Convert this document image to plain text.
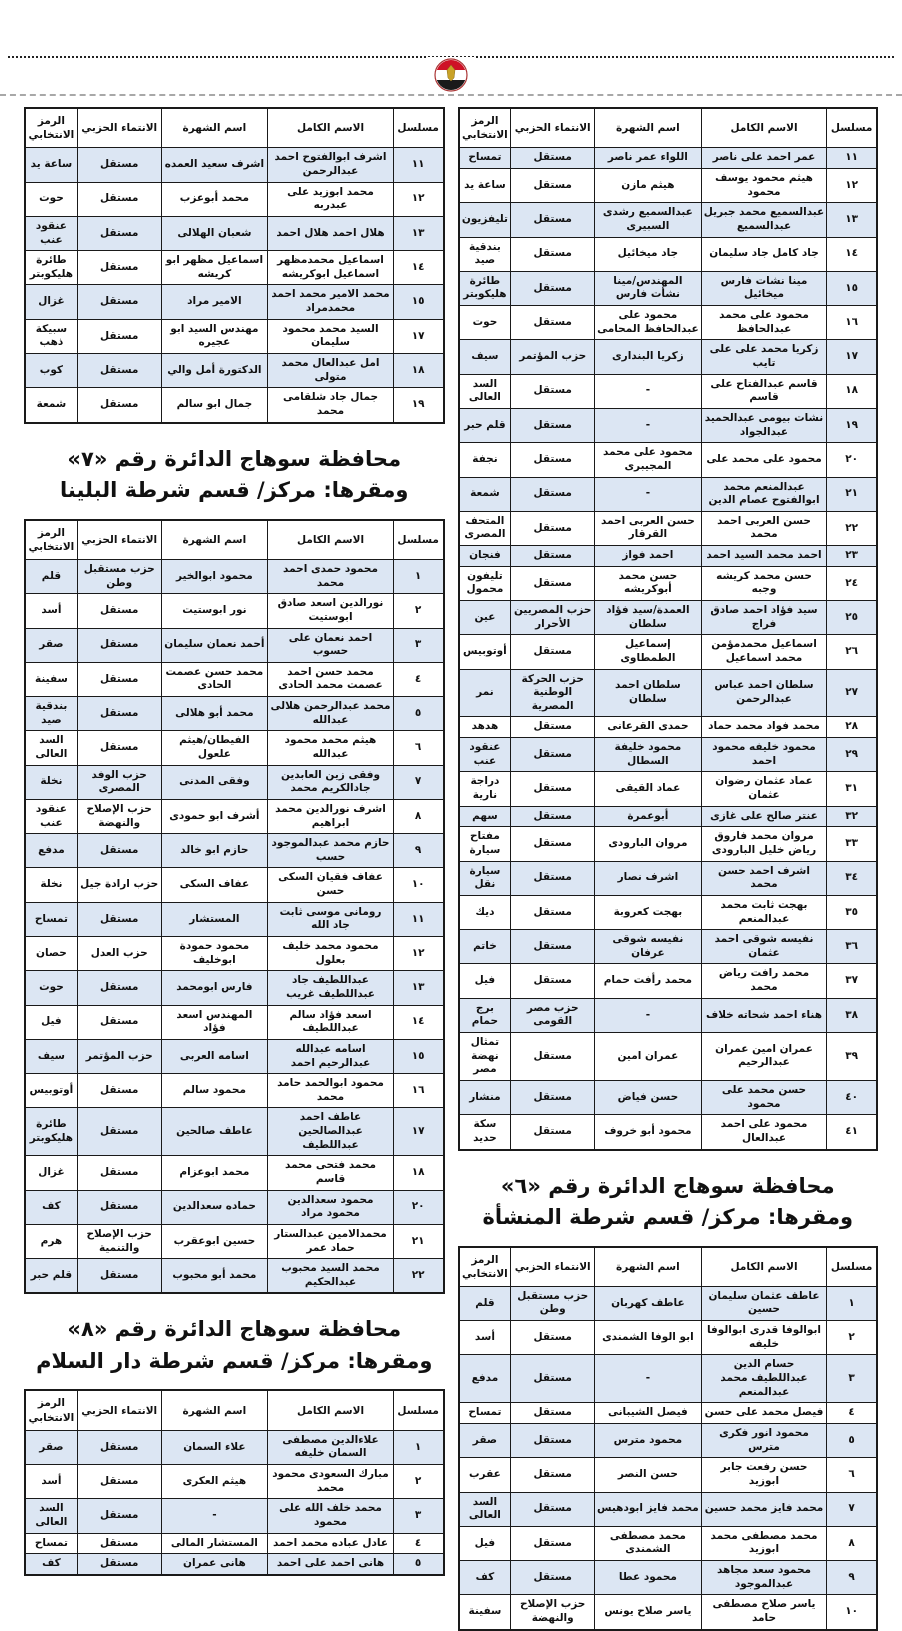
مسلسل	الاسم الكامل	اسم الشهرة	الانتماء الحزبي	الرمز الانتخابي
١١	عمر احمد على ناصر	اللواء عمر ناصر	مستقل	تمساح
١٢	هيثم محمود يوسف محمود	هيثم مازن	مستقل	ساعة يد
١٣	عبدالسميع محمد جبريل عبدالسميع	عبدالسميع رشدى السبيرى	مستقل	تليفزيون
١٤	جاد كامل جاد سليمان	جاد ميخائيل	مستقل	بندقية صيد
١٥	مينا نشات فارس ميخائيل	المهندس/مينا نشأت فارس	مستقل	طائرة هليكوبتر
١٦	محمود على محمد عبدالحافظ	محمود على عبدالحافظ المحامى	مستقل	حوت
١٧	زكريا محمد على على تايب	زكريا البندارى	حزب المؤتمر	سيف
١٨	قاسم عبدالفتاح على قاسم	-	مستقل	السد العالى
١٩	نشات بيومى عبدالحميد عبدالجواد	-	مستقل	قلم حبر
٢٠	محمود على محمد على	محمود على محمد المجيبرى	مستقل	نجفة
٢١	عبدالمنعم محمد ابوالفتوح عصام الدين	-	مستقل	شمعة
٢٢	حسن العربى احمد محمد	حسن العربى احمد القرقار	مستقل	المتحف المصرى
٢٣	احمد محمد السيد احمد	احمد فواز	مستقل	فنجان
٢٤	حسن محمد كريشه وجبه	حسن محمد أبوكريشه	مستقل	تليفون محمول
٢٥	سيد فؤاد احمد صادق فراج	العمدة/سيد فؤاد سلطان	حزب المصريين الأحرار	عين
٢٦	اسماعيل محمدمؤمن محمد اسماعيل	إسماعيل الطمطاوى	مستقل	أوتوبيس
٢٧	سلطان احمد عباس عبدالرحمن	سلطان احمد سلطان	حزب الحركة الوطنية المصرية	نمر
٢٨	محمد فواد محمد حماد	حمدى القرعانى	مستقل	هدهد
٢٩	محمود خليفه محمود احمد	محمود خليفة السطال	مستقل	عنقود عنب
٣١	عماد عثمان رضوان عثمان	عماد القيقى	مستقل	دراجة نارية
٣٢	عنتر صالح على غازى	أبوعمرة	مستقل	سهم
٣٣	مروان محمد فاروق رياض خليل البارودى	مروان البارودى	مستقل	مفتاح سيارة
٣٤	اشرف احمد حسن محمد	اشرف نصار	مستقل	سيارة نقل
٣٥	بهجت ثابت محمد عبدالمنعم	بهجت كعروبة	مستقل	ديك
٣٦	نفيسه شوقى احمد عثمان	نفيسه شوقى عرفان	مستقل	خاتم
٣٧	محمد رافت رياض محمد	محمد رأفت حمام	مستقل	فيل
٣٨	هناء احمد شحاته خلاف	-	حزب مصر القومى	برج حمام
٣٩	عمران امين عمران عبدالرحيم	عمران امين	مستقل	تمثال نهضة مصر
٤٠	حسن محمد على محمود	حسن فياض	مستقل	منشار
٤١	محمود على احمد عبدالعال	محمود أبو خروف	مستقل	سكة حديد
محافظة سوهاج الدائرة رقم «٦»
ومقرها: مركز/ قسم شرطة المنشأة
مسلسل	الاسم الكامل	اسم الشهرة	الانتماء الحزبي	الرمز الانتخابي
١	عاطف عثمان سليمان حسين	عاطف كهربان	حزب مستقبل وطن	قلم
٢	ابوالوفا قدرى ابوالوفا خليفه	ابو الوفا الشمندى	مستقل	أسد
٣	حسام الدين عبداللطيف محمد عبدالمنعم	-	مستقل	مدفع
٤	فيصل محمد على حسن	فيصل الشيبانى	مستقل	تمساح
٥	محمود انور فكرى مترس	محمود مترس	مستقل	صقر
٦	حسن رفعت جابر ابوزيد	حسن النصر	مستقل	عقرب
٧	محمد فايز محمد حسين	محمد فايز ابودهيس	مستقل	السد العالى
٨	محمد مصطفى محمد ابوزيد	محمد مصطفى الشمندى	مستقل	فيل
٩	محمود سعد مجاهد عبدالموجود	محمود عطا	مستقل	كف
١٠	ياسر صلاح مصطفى حامد	ياسر صلاح يونس	حزب الإصلاح والنهضة	سفينة
مسلسل	الاسم الكامل	اسم الشهرة	الانتماء الحزبي	الرمز الانتخابي
١١	اشرف ابوالفتوح احمد عبدالرحمن	اشرف سعيد العمده	مستقل	ساعة يد
١٢	محمد ابوزيد على عبدربه	محمد أبوعزب	مستقل	حوت
١٣	هلال احمد هلال احمد	شعبان الهلالى	مستقل	عنقود عنب
١٤	اسماعيل محمدمظهر اسماعيل ابوكريشه	اسماعيل مظهر ابو كريشه	مستقل	طائرة هليكوبتر
١٥	محمد الامير محمد احمد محمدمراد	الامير مراد	مستقل	غزال
١٧	السيد محمد محمود سليمان	مهندس السيد ابو عجيره	مستقل	سبيكة ذهب
١٨	امل عبدالعال محمد متولى	الدكتورة أمل والي	مستقل	كوب
١٩	جمال جاد شلقامى محمد	جمال ابو سالم	مستقل	شمعة
محافظة سوهاج الدائرة رقم «٧»
ومقرها: مركز/ قسم شرطة البلينا
مسلسل	الاسم الكامل	اسم الشهرة	الانتماء الحزبي	الرمز الانتخابي
١	محمود حمدى احمد محمد	محمود ابوالخير	حزب مستقبل وطن	قلم
٢	نورالدين اسعد صادق ابوستيت	نور ابوستيت	مستقل	أسد
٣	احمد نعمان على حسوب	أحمد نعمان سليمان	مستقل	صقر
٤	محمد حسن احمد عصمت محمد الحادى	محمد حسن عصمت الحادى	مستقل	سفينة
٥	محمد عبدالرحمن هلالى عبدالله	محمد أبو هلالى	مستقل	بندقية صيد
٦	هيثم محمد محمود عبدالله	الفيطان/هيثم علعول	مستقل	السد العالى
٧	وفقى زين العابدين جادالكريم محمد	وفقى المدنى	حزب الوفد المصرى	نخلة
٨	اشرف نورالدين محمد ابراهيم	أشرف ابو حمودى	حزب الإصلاح والنهضة	عنقود عنب
٩	حازم محمد عبدالموجود حسب	حازم ابو خالد	مستقل	مدفع
١٠	عفاف فقيان السكى حسن	عفاف السكى	حزب ارادة جيل	نخلة
١١	رومانى موسى ثابت جاد الله	المستشار	مستقل	تمساح
١٢	محمود محمد خليف بعلول	محمود حمودة ابوخليف	حزب العدل	حصان
١٣	عبداللطيف جاد عبداللطيف غريب	فارس ابومحمد	مستقل	حوت
١٤	اسعد فؤاد سالم عبداللطيف	المهندس اسعد فؤاد	مستقل	فيل
١٥	اسامه عبدالله عبدالرحيم احمد	اسامه العربى	حزب المؤتمر	سيف
١٦	محمود ابوالحمد حامد محمد	محمود سالم	مستقل	أوتوبيس
١٧	عاطف احمد عبدالصالحين عبداللطيف	عاطف صالحين	مستقل	طائرة هليكوبتر
١٨	محمد فتحى محمد قاسم	محمد ابوعزام	مستقل	غزال
٢٠	محمود سعدالدين محمود مراد	حماده سعدالدين	مستقل	كف
٢١	محمدالامين عبدالستار حماد عمر	حسين ابوعقرب	حزب الإصلاح والتنمية	هرم
٢٢	محمد السيد محبوب عبدالحكيم	محمد أبو محبوب	مستقل	قلم حبر
محافظة سوهاج الدائرة رقم «٨»
ومقرها: مركز/ قسم شرطة دار السلام
مسلسل	الاسم الكامل	اسم الشهرة	الانتماء الحزبي	الرمز الانتخابي
١	علاءالدين مصطفى السمان خليفه	علاء السمان	مستقل	صقر
٢	مبارك السعودى محمود محمد	هيثم العكرى	مستقل	أسد
٣	محمد خلف الله على محمود	-	مستقل	السد العالى
٤	عادل عباده محمد احمد	المستشار المالى	مستقل	تمساح
٥	هانى احمد على احمد	هانى عمران	مستقل	كف
